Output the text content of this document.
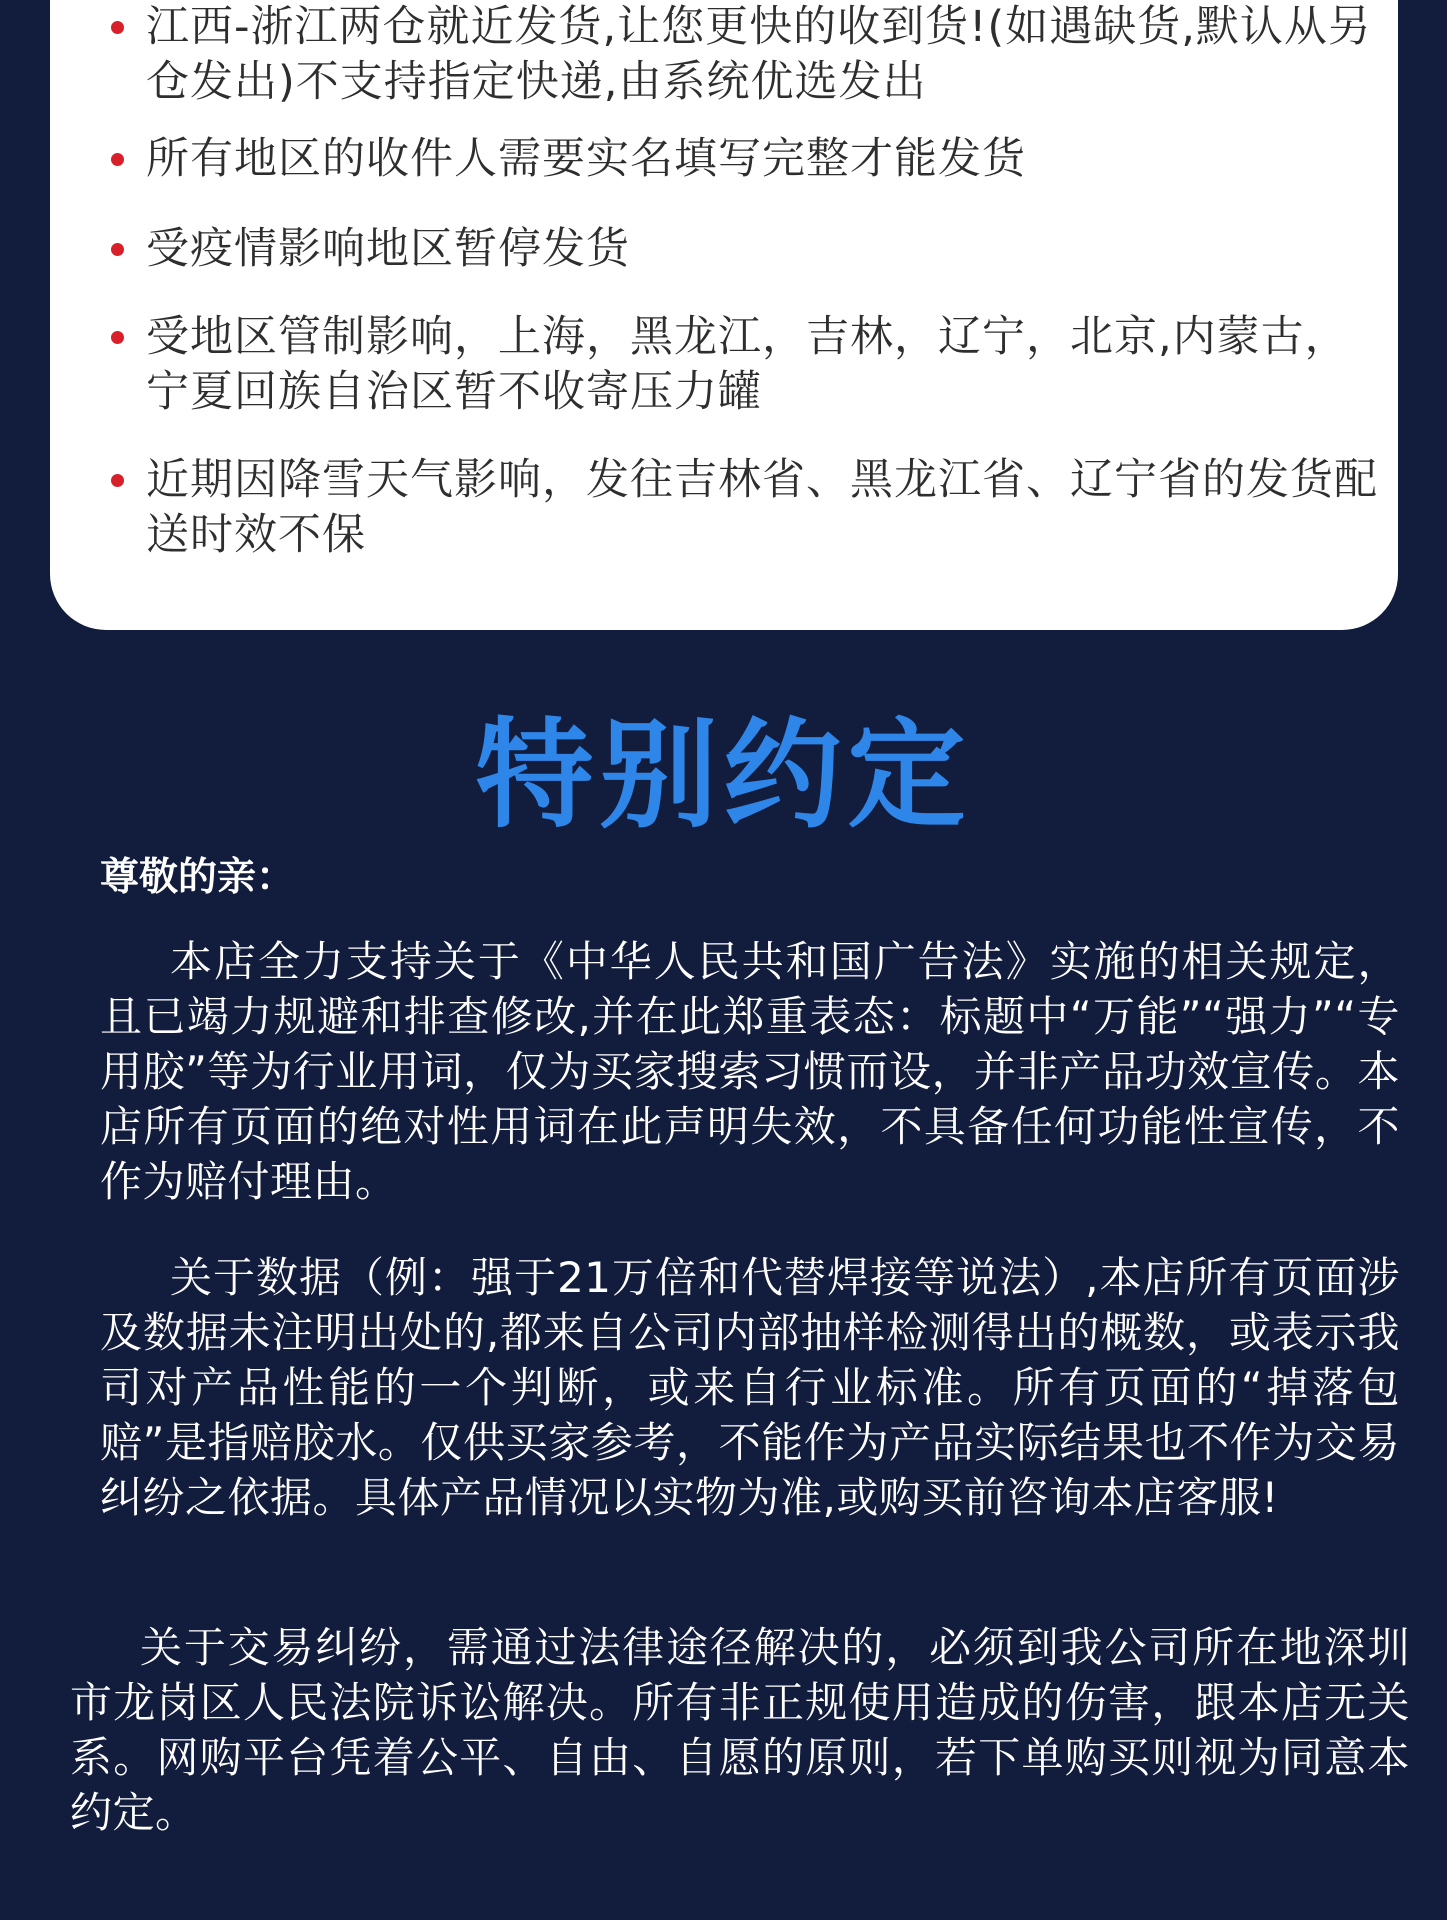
江西-浙江两仓就近发货,让您更快的收到货!(如遇缺货,默认从另仓发出)不支持指定快递,由系统优选发出
所有地区的收件人需要实名填写完整才能发货
受疫情影响地区暂停发货
受地区管制影响，上海，黑龙江，吉林，辽宁，北京,内蒙古，宁夏回族自治区暂不收寄压力罐
近期因降雪天气影响，发往吉林省、黑龙江省、辽宁省的发货配送时效不保
特别约定
尊敬的亲：
本店全力支持关于《中华人民共和国广告法》实施的相关规定，且已竭力规避和排查修改,并在此郑重表态：标题中“万能”“强力”“专用胶”等为行业用词，仅为买家搜索习惯而设，并非产品功效宣传。本店所有页面的绝对性用词在此声明失效，不具备任何功能性宣传，不作为赔付理由。
关于数据（例：强于21万倍和代替焊接等说法）,本店所有页面涉及数据未注明出处的,都来自公司内部抽样检测得出的概数，或表示我司对产品性能的一个判断，或来自行业标准。所有页面的“掉落包赔”是指赔胶水。仅供买家参考，不能作为产品实际结果也不作为交易纠纷之依据。具体产品情况以实物为准,或购买前咨询本店客服!
关于交易纠纷，需通过法律途径解决的，必须到我公司所在地深圳市龙岗区人民法院诉讼解决。所有非正规使用造成的伤害，跟本店无关系。网购平台凭着公平、自由、自愿的原则，若下单购买则视为同意本约定。
